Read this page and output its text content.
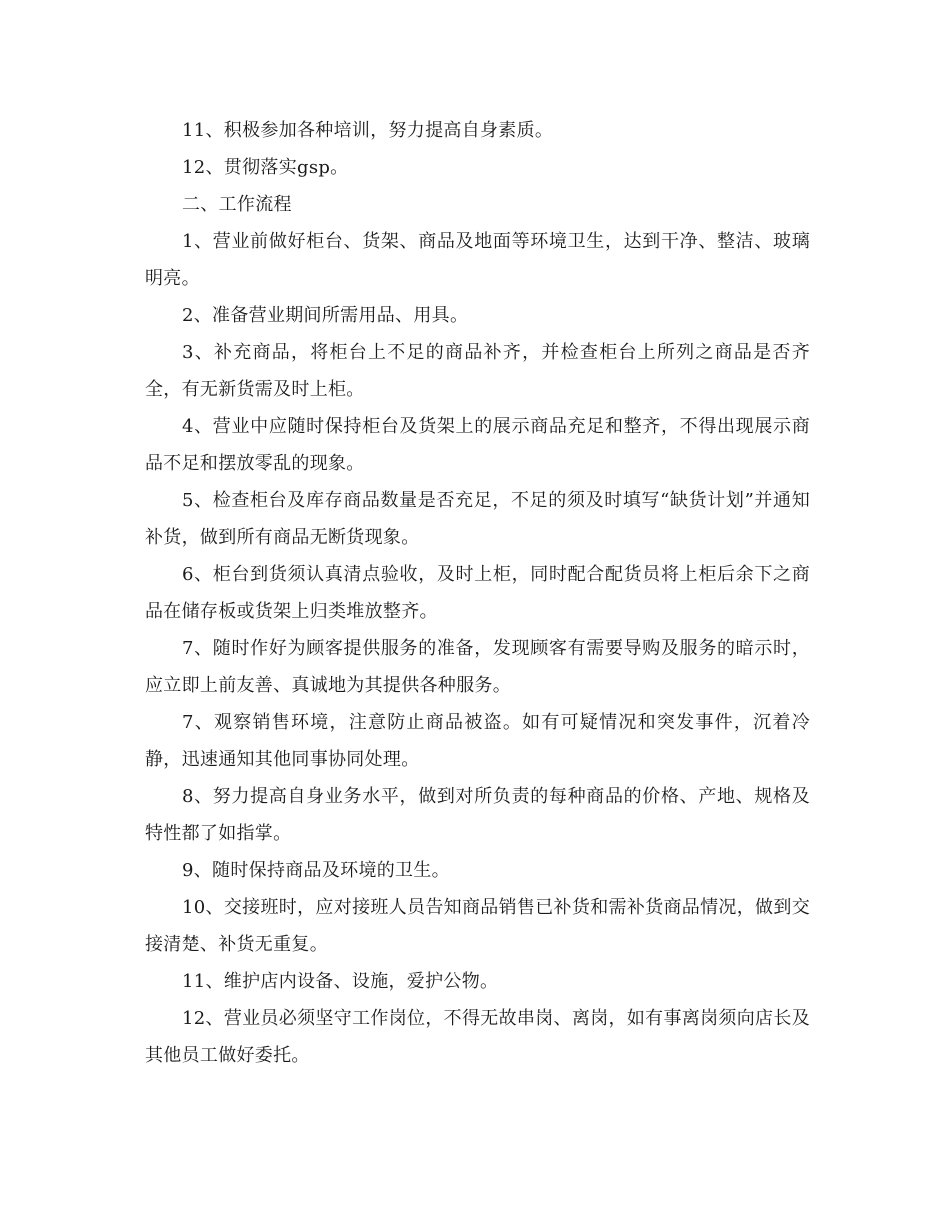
11、积极参加各种培训，努力提高自身素质。

12、贯彻落实gsp。

二、工作流程

1、营业前做好柜台、货架、商品及地面等环境卫生，达到干净、整洁、玻璃明亮。

2、准备营业期间所需用品、用具。

3、补充商品，将柜台上不足的商品补齐，并检查柜台上所列之商品是否齐全，有无新货需及时上柜。

4、营业中应随时保持柜台及货架上的展示商品充足和整齐，不得出现展示商品不足和摆放零乱的现象。

5、检查柜台及库存商品数量是否充足，不足的须及时填写“缺货计划”并通知补货，做到所有商品无断货现象。

6、柜台到货须认真清点验收，及时上柜，同时配合配货员将上柜后余下之商品在储存板或货架上归类堆放整齐。

7、随时作好为顾客提供服务的准备，发现顾客有需要导购及服务的暗示时，应立即上前友善、真诚地为其提供各种服务。

7、观察销售环境，注意防止商品被盗。如有可疑情况和突发事件，沉着冷静，迅速通知其他同事协同处理。

8、努力提高自身业务水平，做到对所负责的每种商品的价格、产地、规格及特性都了如指掌。

9、随时保持商品及环境的卫生。

10、交接班时，应对接班人员告知商品销售已补货和需补货商品情况，做到交接清楚、补货无重复。

11、维护店内设备、设施，爱护公物。

12、营业员必须坚守工作岗位，不得无故串岗、离岗，如有事离岗须向店长及其他员工做好委托。
